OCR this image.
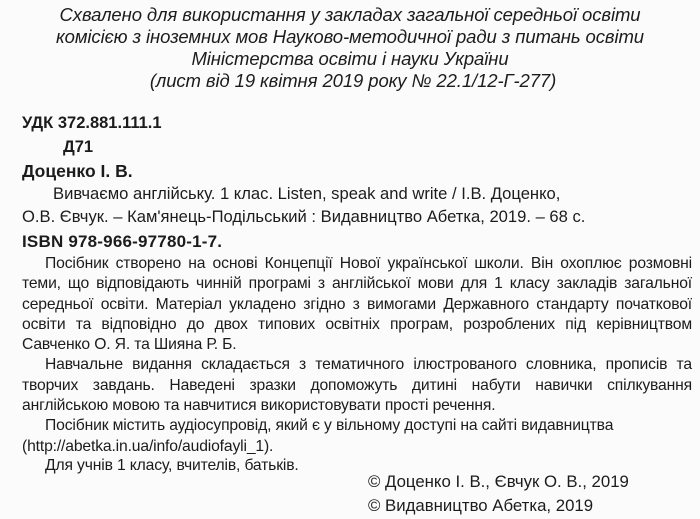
Схвалено для використання у закладах загальної середньої освіти
комісією з іноземних мов Науково-методичної ради з питань освіти
Міністерства освіти і науки України
(лист від 19 квітня 2019 року № 22.1/12-Г-277)
УДК 372.881.111.1
Д71
Доценко І. В.
Вивчаємо англійську. 1 клас. Listen, speak and write / І.В. Доценко,
О.В. Євчук. – Кам'янець-Подільський : Видавництво Абетка, 2019. – 68 с.
ISBN 978-966-97780-1-7.

Посібник створено на основі Концепції Нової української школи. Він охоплює розмовні теми, що відповідають чинній програмі з англійської мови для 1 класу закладів загальної середньої освіти. Матеріал укладено згідно з вимогами Державного стандарту початкової освіти та відповідно до двох типових освітніх програм, розроблених під керівництвом Савченко О. Я. та Шияна Р. Б.

Навчальне видання складається з тематичного ілюстрованого словника, прописів та творчих завдань. Наведені зразки допоможуть дитині набути навички спілкування англійською мовою та навчитися використовувати прості речення.

Посібник містить аудіосупровід, який є у вільному доступі на сайті видавництва (http://abetka.in.ua/info/audiofayli_1).

Для учнів 1 класу, вчителів, батьків.
© Доценко І. В., Євчук О. В., 2019
© Видавництво Абетка, 2019
